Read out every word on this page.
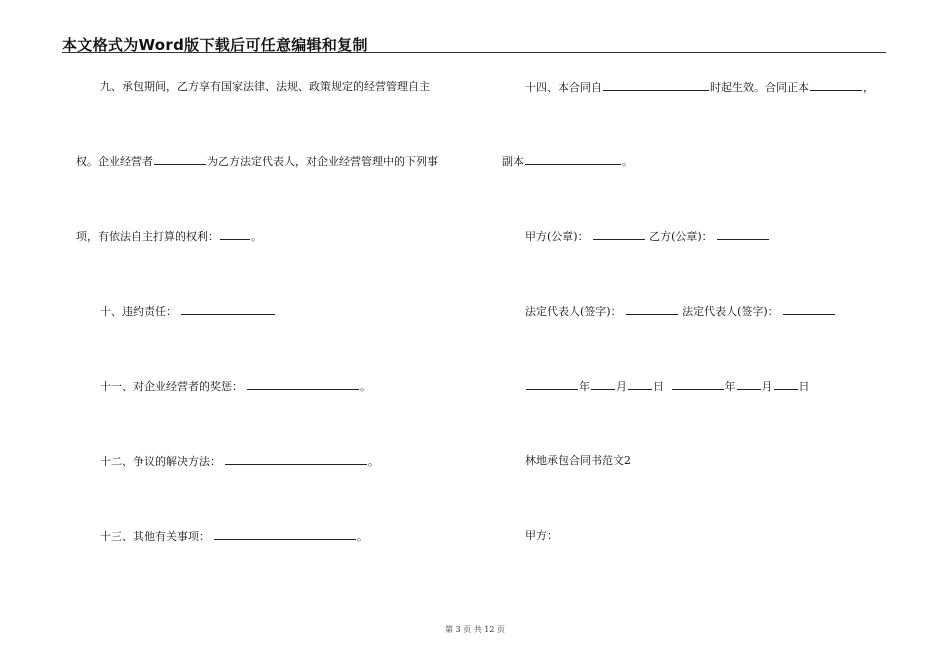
本文格式为Word版下载后可任意编辑和复制
九、承包期间，乙方享有国家法律、法规、政策规定的经营管理自主
权。企业经营者	为乙方法定代表人，对企业经营管理中的下列事
项，有依法自主打算的权利：	。
十、违约责任：
十一、对企业经营者的奖惩：	。
十二、争议的解决方法：	。
十三、其他有关事项：	。
十四、本合同自	时起生效。合同正本	，
副本	。
甲方(公章)：	乙方(公章)：
法定代表人(签字)：	法定代表人(签字)：
年 月 日	年 月 日
林地承包合同书范文2
甲方：
第 3 页 共 12 页
